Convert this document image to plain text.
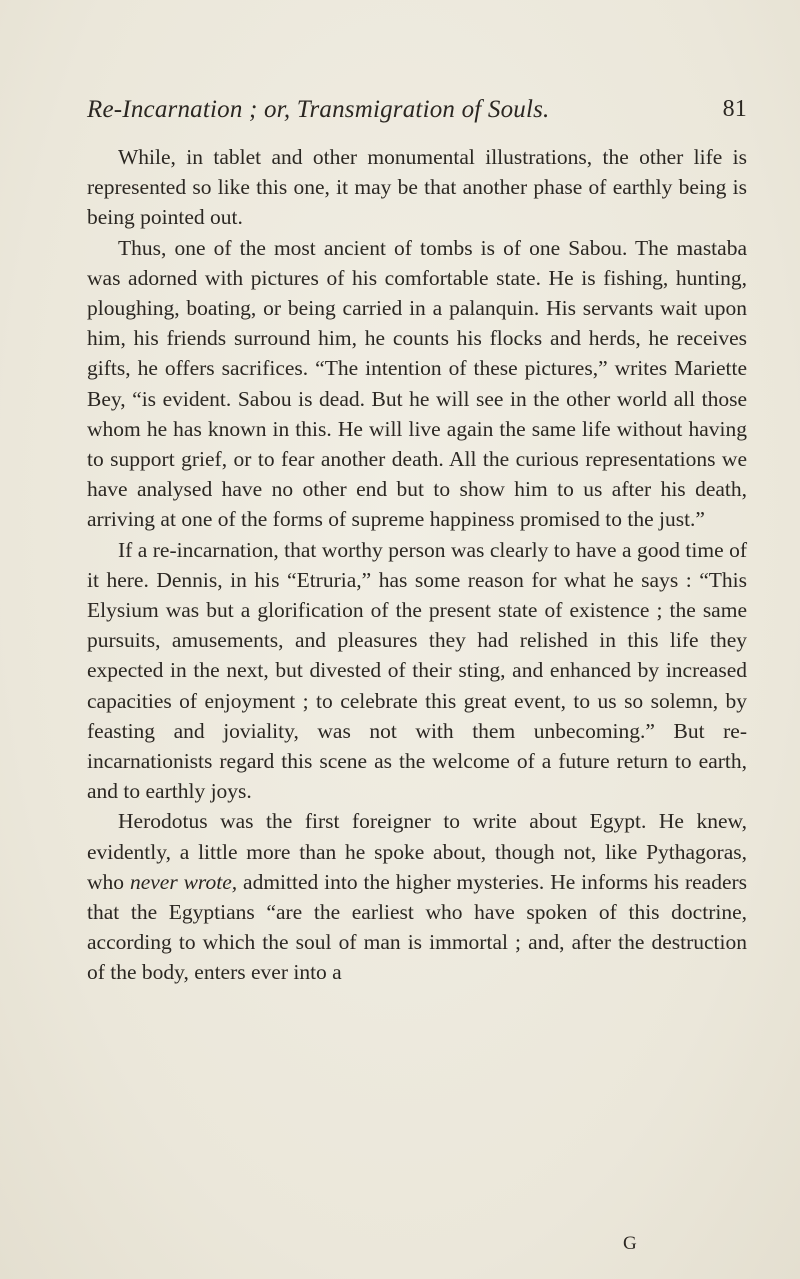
Re-Incarnation ; or, Transmigration of Souls.	81

While, in tablet and other monumental illustrations, the other life is represented so like this one, it may be that another phase of earthly being is being pointed out.

Thus, one of the most ancient of tombs is of one Sabou. The mastaba was adorned with pictures of his comfortable state. He is fishing, hunting, ploughing, boating, or being carried in a palanquin. His servants wait upon him, his friends surround him, he counts his flocks and herds, he receives gifts, he offers sacrifices. “The intention of these pictures,” writes Mariette Bey, “is evident. Sabou is dead. But he will see in the other world all those whom he has known in this. He will live again the same life without having to support grief, or to fear another death. All the curious representations we have analysed have no other end but to show him to us after his death, arriving at one of the forms of supreme happiness promised to the just.”

If a re-incarnation, that worthy person was clearly to have a good time of it here. Dennis, in his “Etruria,” has some reason for what he says : “This Elysium was but a glorification of the present state of existence ; the same pursuits, amusements, and pleasures they had relished in this life they expected in the next, but divested of their sting, and enhanced by increased capacities of enjoyment ; to celebrate this great event, to us so solemn, by feasting and joviality, was not with them unbecoming.” But re-incarnationists regard this scene as the welcome of a future return to earth, and to earthly joys.

Herodotus was the first foreigner to write about Egypt. He knew, evidently, a little more than he spoke about, though not, like Pythagoras, who never wrote, admitted into the higher mysteries. He informs his readers that the Egyptians “are the earliest who have spoken of this doctrine, according to which the soul of man is immortal ; and, after the destruction of the body, enters ever into a

G
